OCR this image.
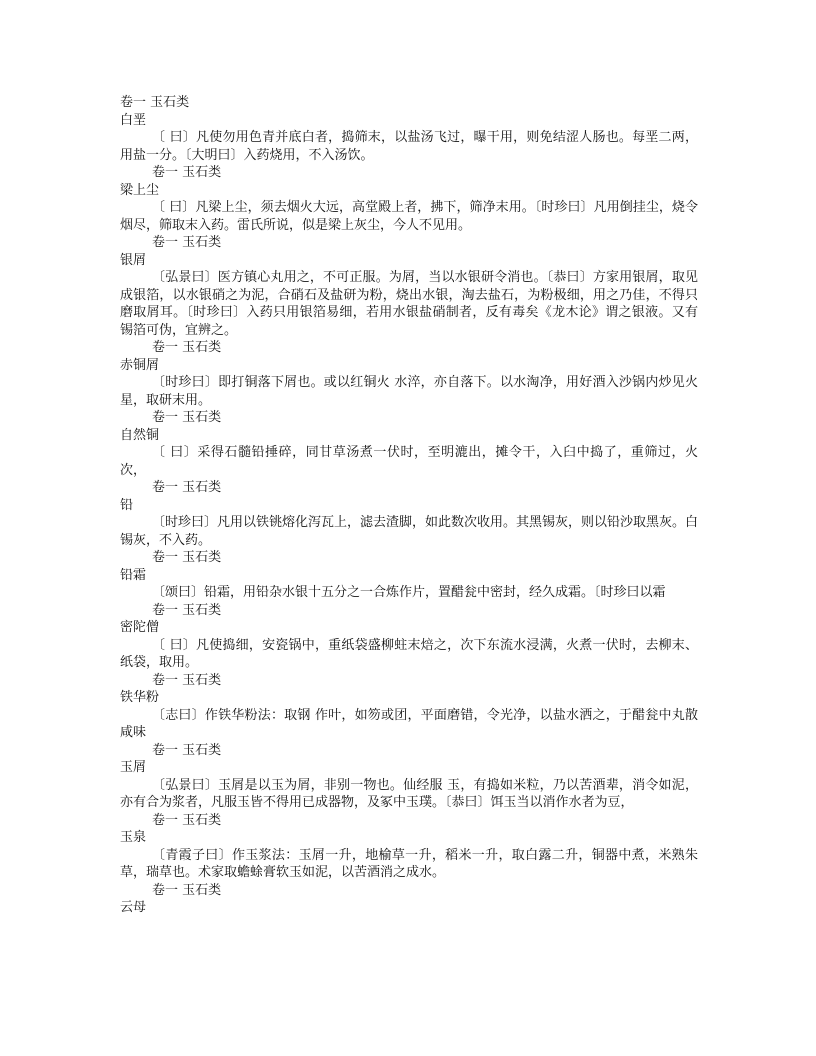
卷一 玉石类
白垩
〔 曰〕凡使勿用色青并底白者，捣筛末，以盐汤飞过，曝干用，则免结涩人肠也。每垩二两，用盐一分。〔大明曰〕入药烧用，不入汤饮。
卷一 玉石类
梁上尘
〔 曰〕凡梁上尘，须去烟火大远，高堂殿上者，拂下，筛净末用。〔时珍曰〕凡用倒挂尘，烧令烟尽，筛取末入药。雷氏所说，似是梁上灰尘，今人不见用。
卷一 玉石类
银屑
〔弘景曰〕医方镇心丸用之，不可正服。为屑，当以水银研令消也。〔恭曰〕方家用银屑，取见成银箔，以水银硝之为泥，合硝石及盐研为粉，烧出水银，淘去盐石，为粉极细，用之乃佳，不得只磨取屑耳。〔时珍曰〕入药只用银箔易细，若用水银盐硝制者，反有毒矣《龙木论》谓之银液。又有锡箔可伪，宜辨之。
卷一 玉石类
赤铜屑
〔时珍曰〕即打铜落下屑也。或以红铜火 水淬，亦自落下。以水淘净，用好酒入沙锅内炒见火星，取研末用。
卷一 玉石类
自然铜
〔 曰〕采得石髓铅捶碎，同甘草汤煮一伏时，至明漉出，摊令干，入臼中捣了，重筛过，火次，
卷一 玉石类
铅
〔时珍曰〕凡用以铁铫熔化泻瓦上，滤去渣脚，如此数次收用。其黑锡灰，则以铅沙取黑灰。白锡灰，不入药。
卷一 玉石类
铅霜
〔颂曰〕铅霜，用铅杂水银十五分之一合炼作片，置醋瓮中密封，经久成霜。〔时珍曰以霜
卷一 玉石类
密陀僧
〔 曰〕凡使捣细，安瓷锅中，重纸袋盛柳蛀末焙之，次下东流水浸满，火煮一伏时，去柳末、纸袋，取用。
卷一 玉石类
铁华粉
〔志曰〕作铁华粉法：取钢 作叶，如笏或团，平面磨错，令光净，以盐水洒之，于醋瓮中丸散咸味
卷一 玉石类
玉屑
〔弘景曰〕玉屑是以玉为屑，非别一物也。仙经服 玉，有捣如米粒，乃以苦酒辈，消令如泥，亦有合为浆者，凡服玉皆不得用已成器物，及冢中玉璞。〔恭曰〕饵玉当以消作水者为豆，
卷一 玉石类
玉泉
〔青霞子曰〕作玉浆法：玉屑一升，地榆草一升，稻米一升，取白露二升，铜器中煮，米熟朱草，瑞草也。术家取蟾蜍膏软玉如泥，以苦酒消之成水。
卷一 玉石类
云母
